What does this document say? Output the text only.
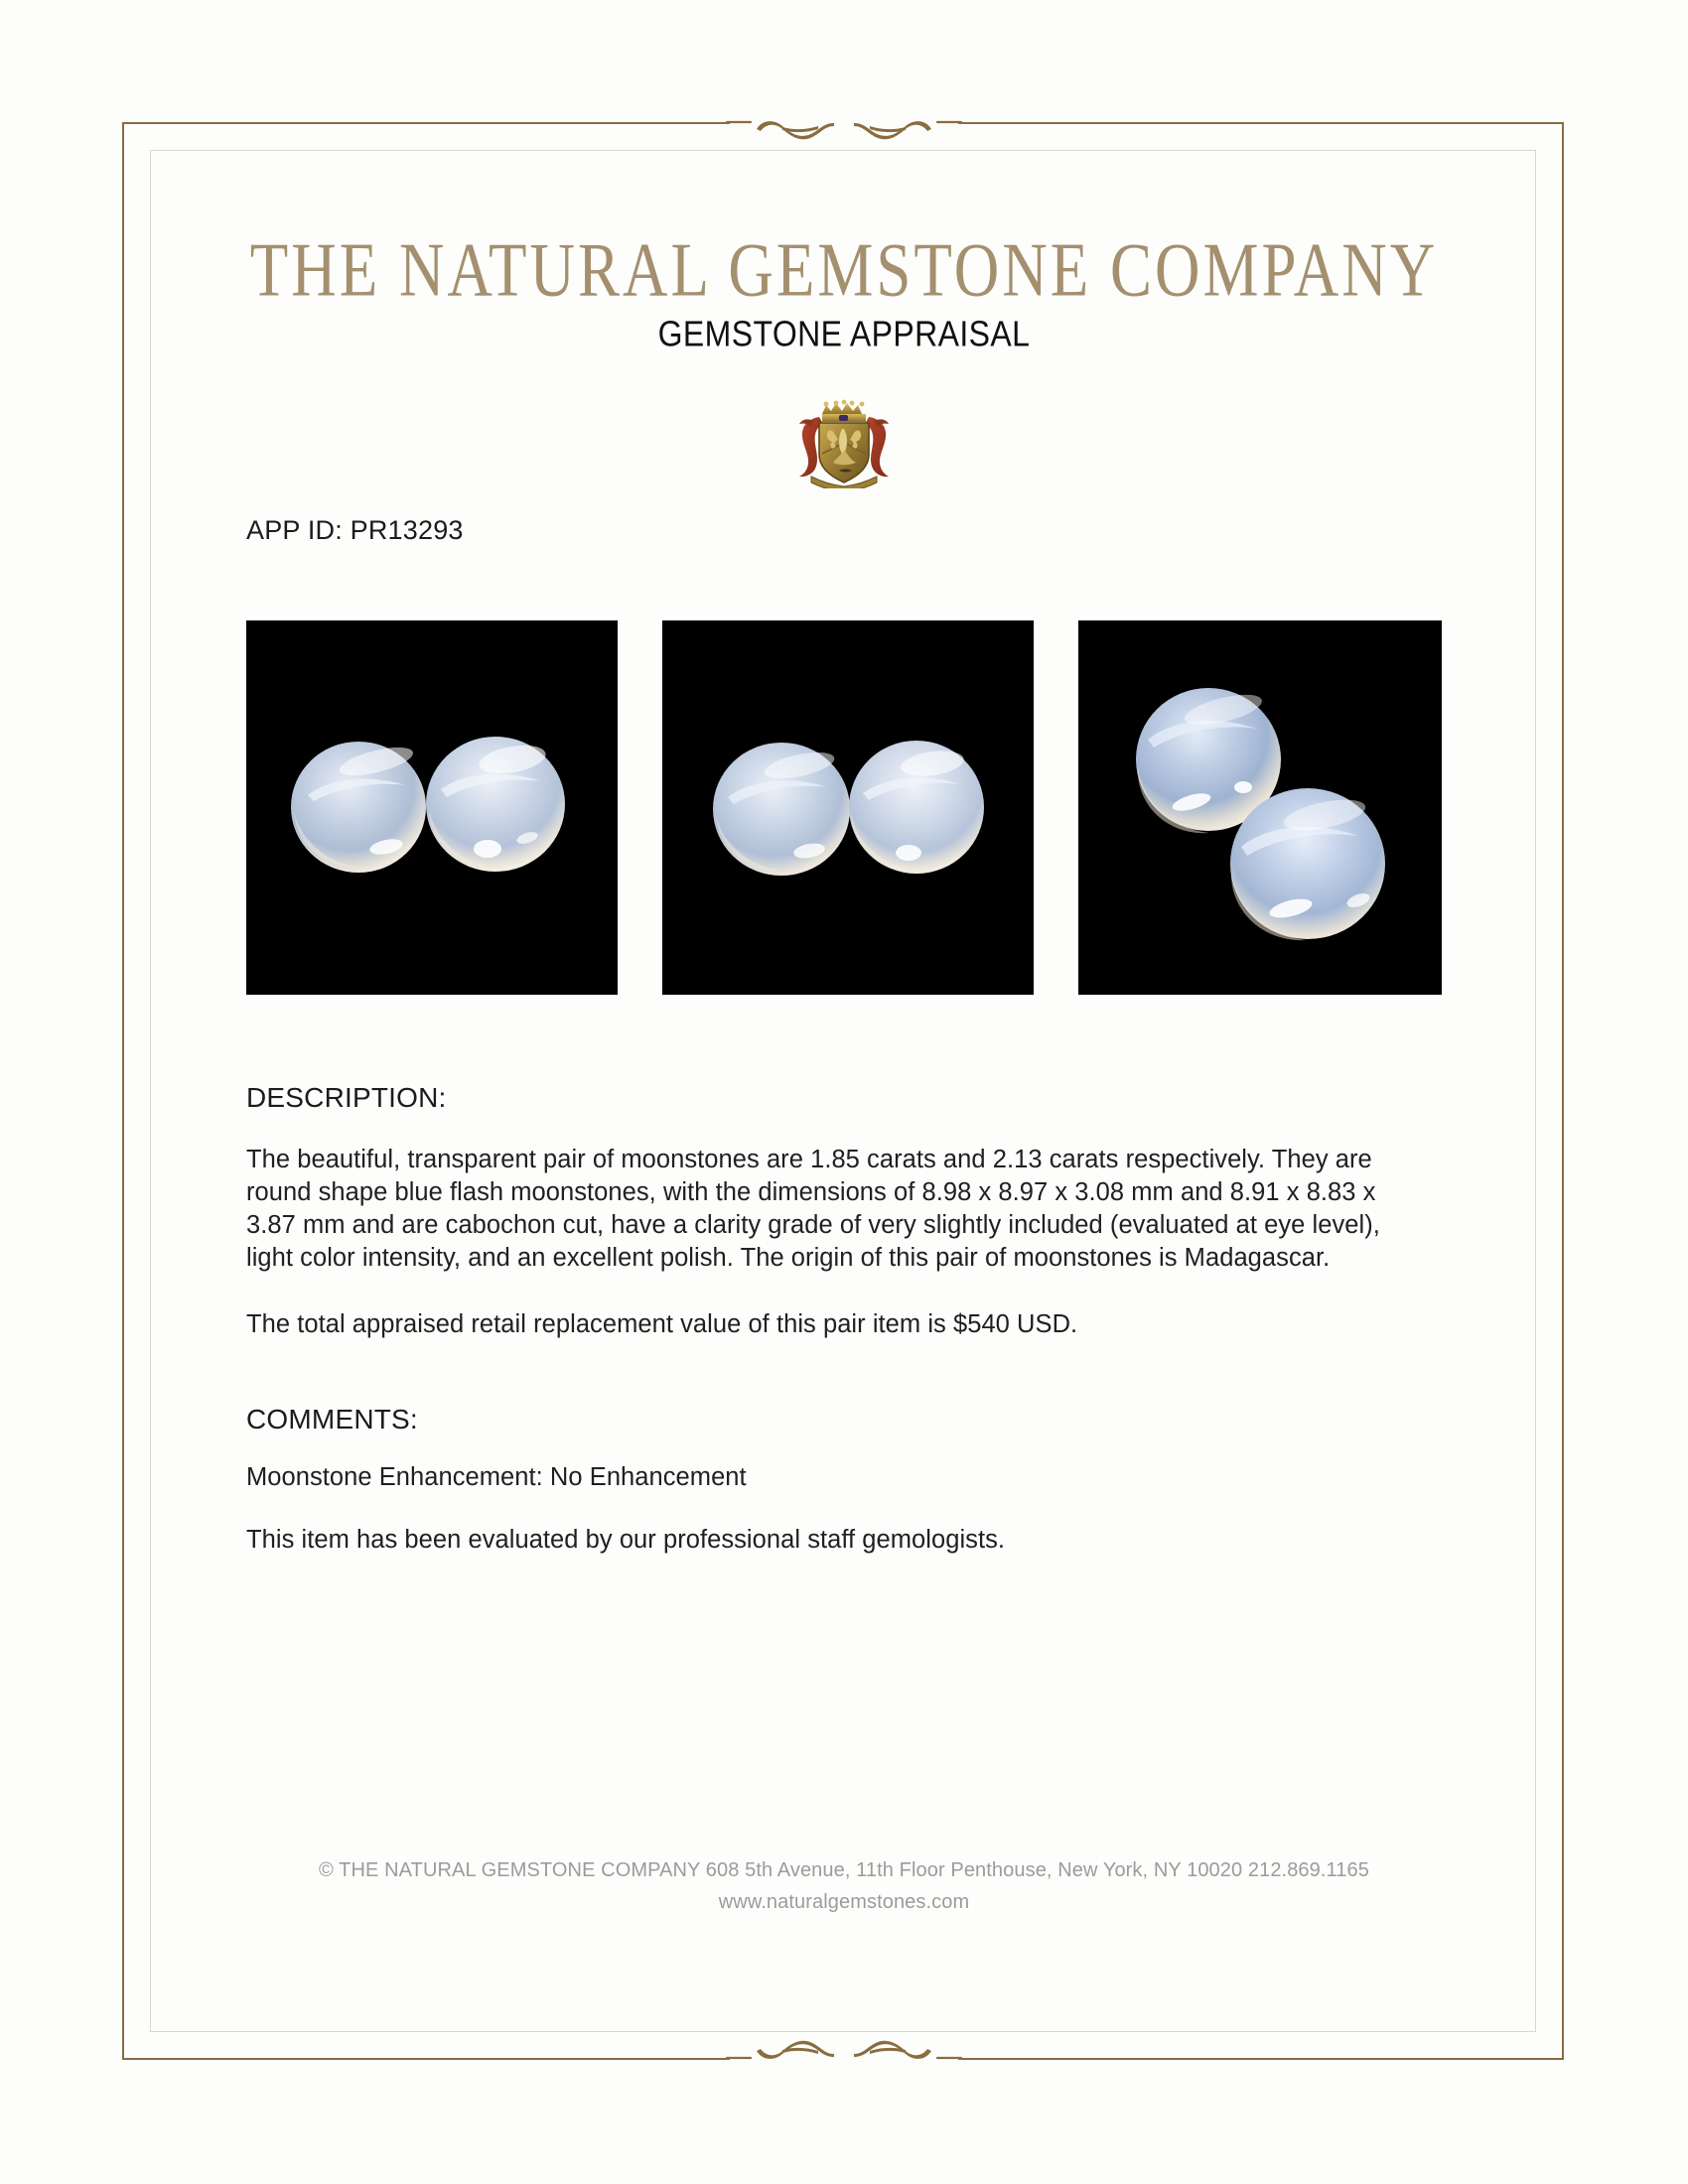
THE NATURAL GEMSTONE COMPANY
GEMSTONE APPRAISAL
APP ID: PR13293
DESCRIPTION:
The beautiful, transparent pair of moonstones are 1.85 carats and 2.13 carats respectively. They are round shape blue flash moonstones, with the dimensions of 8.98 x 8.97 x 3.08 mm and 8.91 x 8.83 x 3.87 mm and are cabochon cut, have a clarity grade of very slightly included (evaluated at eye level), light color intensity, and an excellent polish. The origin of this pair of moonstones is Madagascar.
The total appraised retail replacement value of this pair item is $540 USD.
COMMENTS:
Moonstone Enhancement: No Enhancement
This item has been evaluated by our professional staff gemologists.
© THE NATURAL GEMSTONE COMPANY 608 5th Avenue, 11th Floor Penthouse, New York, NY 10020 212.869.1165
www.naturalgemstones.com
